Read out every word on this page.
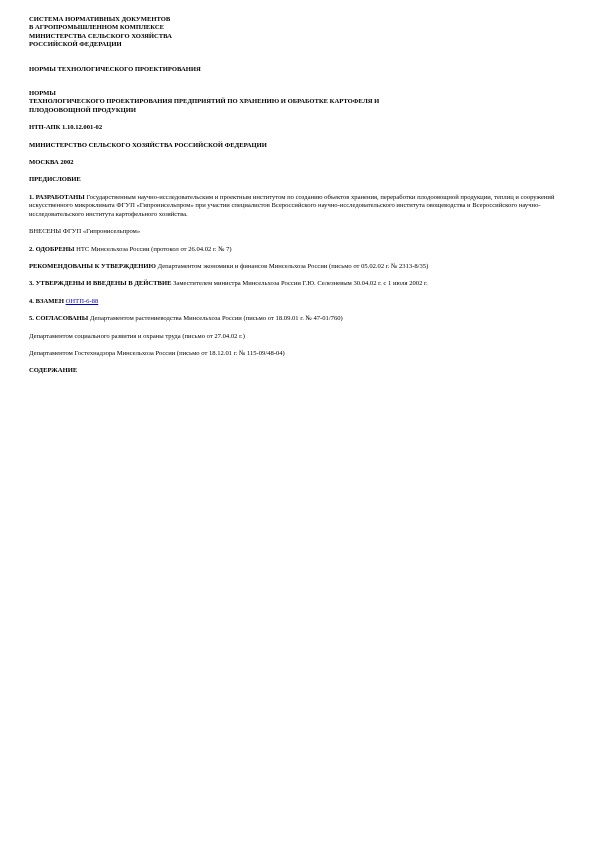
СИСТЕМА НОРМАТИВНЫХ ДОКУМЕНТОВ

В АГРОПРОМЫШЛЕННОМ КОМПЛЕКСЕ

МИНИСТЕРСТВА СЕЛЬСКОГО ХОЗЯЙСТВА

РОССИЙСКОЙ ФЕДЕРАЦИИ

НОРМЫ ТЕХНОЛОГИЧЕСКОГО ПРОЕКТИРОВАНИЯ

НОРМЫ

ТЕХНОЛОГИЧЕСКОГО ПРОЕКТИРОВАНИЯ ПРЕДПРИЯТИЙ ПО ХРАНЕНИЮ И ОБРАБОТКЕ КАРТОФЕЛЯ И

ПЛОДООВОЩНОЙ ПРОДУКЦИИ

НТП-АПК 1.10.12.001-02

МИНИСТЕРСТВО СЕЛЬСКОГО ХОЗЯЙСТВА РОССИЙСКОЙ ФЕДЕРАЦИИ

МОСКВА 2002

ПРЕДИСЛОВИЕ

1. РАЗРАБОТАНЫ Государственным научно-исследовательским и проектным институтом по созданию объектов хранения, переработки плодоовощной продукции, теплиц и сооружений искусственного микроклимата ФГУП «Гипронисельпром» при участии специалистов Всероссийского научно-исследовательского института овощеводства и Всероссийского научно-исследовательского института картофельного хозяйства.

ВНЕСЕНЫ ФГУП «Гипронисельпром»

2. ОДОБРЕНЫ НТС Минсельхоза России (протокол от 26.04.02 г. № 7)

РЕКОМЕНДОВАНЫ К УТВЕРЖДЕНИЮ Департаментом экономики и финансов Минсельхоза России (письмо от 05.02.02 г. № 2313-8/35)

3. УТВЕРЖДЕНЫ И ВВЕДЕНЫ В ДЕЙСТВИЕ Заместителем министра Минсельхоза России Г.Ю. Селезневым 30.04.02 г. с 1 июля 2002 г.

4. ВЗАМЕН ОНТП-6-88

5. СОГЛАСОВАНЫ Департаментом растениеводства Минсельхоза России (письмо от 18.09.01 г. № 47-01/760)

Департаментом социального развития и охраны труда (письмо от 27.04.02 г.)

Департаментом Гостехнадзора Минсельхоза России (письмо от 18.12.01 г. № 115-09/48-04)

СОДЕРЖАНИЕ
